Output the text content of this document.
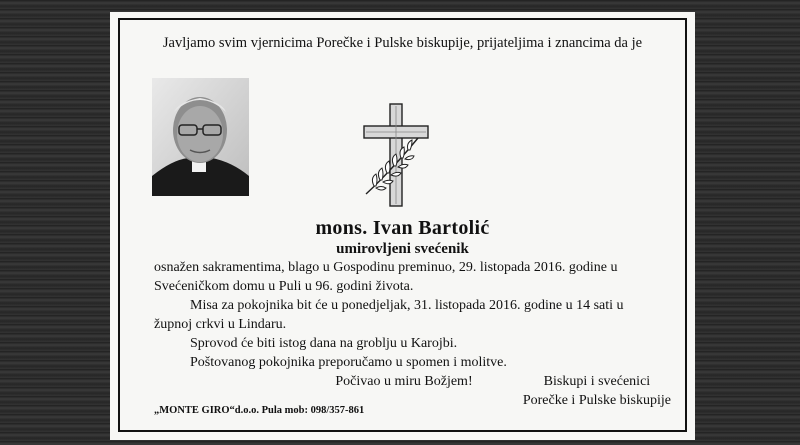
Javljamo svim vjernicima Porečke i Pulske biskupije, prijateljima i znancima da je
mons. Ivan Bartolić
umirovljeni svećenik

osnažen sakramentima, blago u Gospodinu preminuo, 29. listopada 2016. godine u

Svećeničkom domu u Puli u 96. godini života.

Misa za pokojnika bit će u ponedjeljak, 31. listopada 2016. godine u 14 sati u

župnoj crkvi u Lindaru.

Sprovod će biti istog dana na groblju u Karojbi.

Poštovanog pokojnika preporučamo u spomen i molitve.

Počivao u miru Božjem!	Biskupi i svećenici
Porečke i Pulske biskupije
„MONTE GIRO“d.o.o. Pula mob: 098/357-861
